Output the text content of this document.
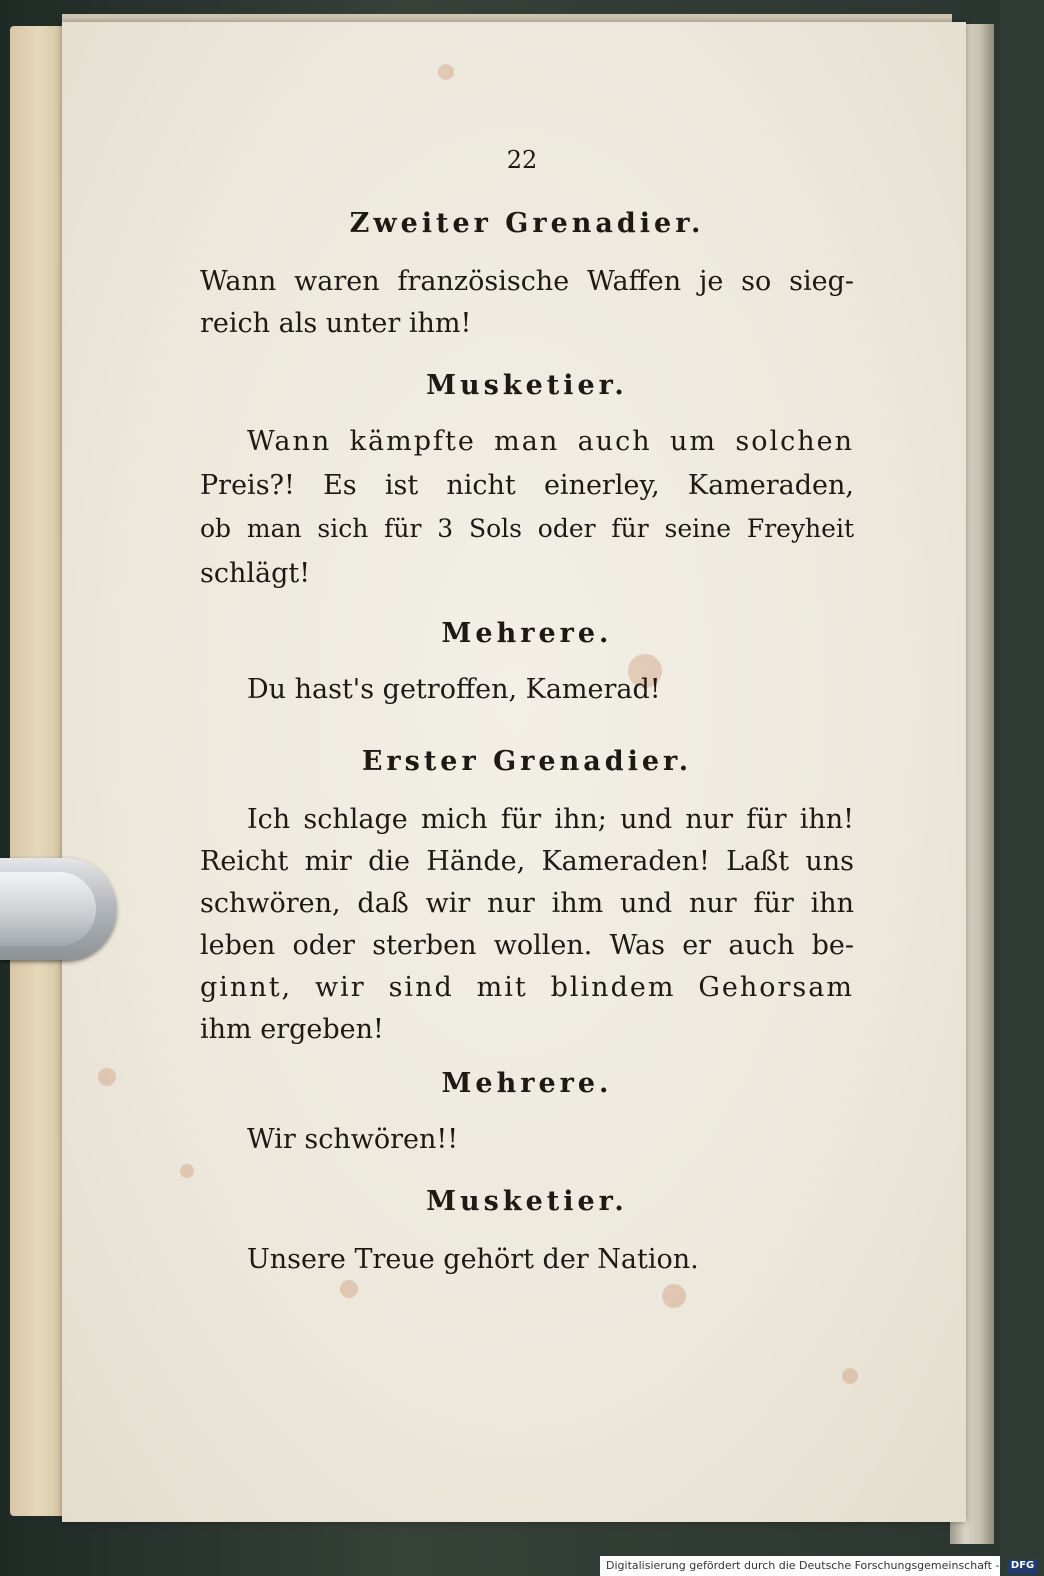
22
Zweiter Grenadier.
Wann waren französische Waffen je so sieg-
reich als unter ihm!
Musketier.
Wann kämpfte man auch um solchen
Preis?! Es ist nicht einerley, Kameraden,
ob man sich für 3 Sols oder für seine Freyheit
schlägt!
Mehrere.
Du hast's getroffen, Kamerad!
Erster Grenadier.
Ich schlage mich für ihn; und nur für ihn!
Reicht mir die Hände, Kameraden! Laßt uns
schwören, daß wir nur ihm und nur für ihn
leben oder sterben wollen. Was er auch be-
ginnt, wir sind mit blindem Gehorsam
ihm ergeben!
Mehrere.
Wir schwören!!
Musketier.
Unsere Treue gehört der Nation.
Digitalisierung gefördert durch die Deutsche Forschungsgemeinschaft - DFG
